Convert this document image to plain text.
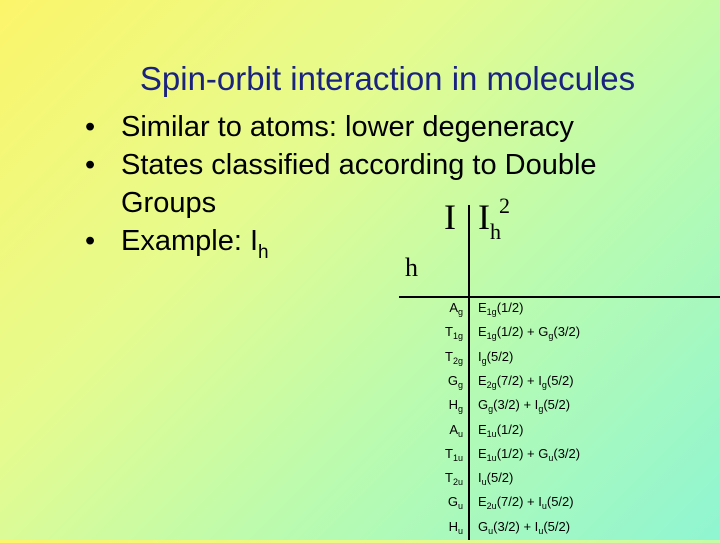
Spin-orbit interaction in molecules
• Similar to atoms: lower degeneracy
• States classified according to Double Groups
• Example: $I_h$
I $I_h^2$
h
$A_g$ $E_{1g}(1/2)$
$T_{1g}$ $E_{1g}(1/2) + G_g(3/2)$
$T_{2g}$ $I_g(5/2)$
$G_g$ $E_{2g}(7/2) + I_g(5/2)$
$H_g$ $G_g(3/2) + I_g(5/2)$
$A_u$ $E_{1u}(1/2)$
$T_{1u}$ $E_{1u}(1/2) + G_u(3/2)$
$T_{2u}$ $I_u(5/2)$
$G_u$ $E_{2u}(7/2) + I_u(5/2)$
$H_u$ $G_u(3/2) + I_u(5/2)$
